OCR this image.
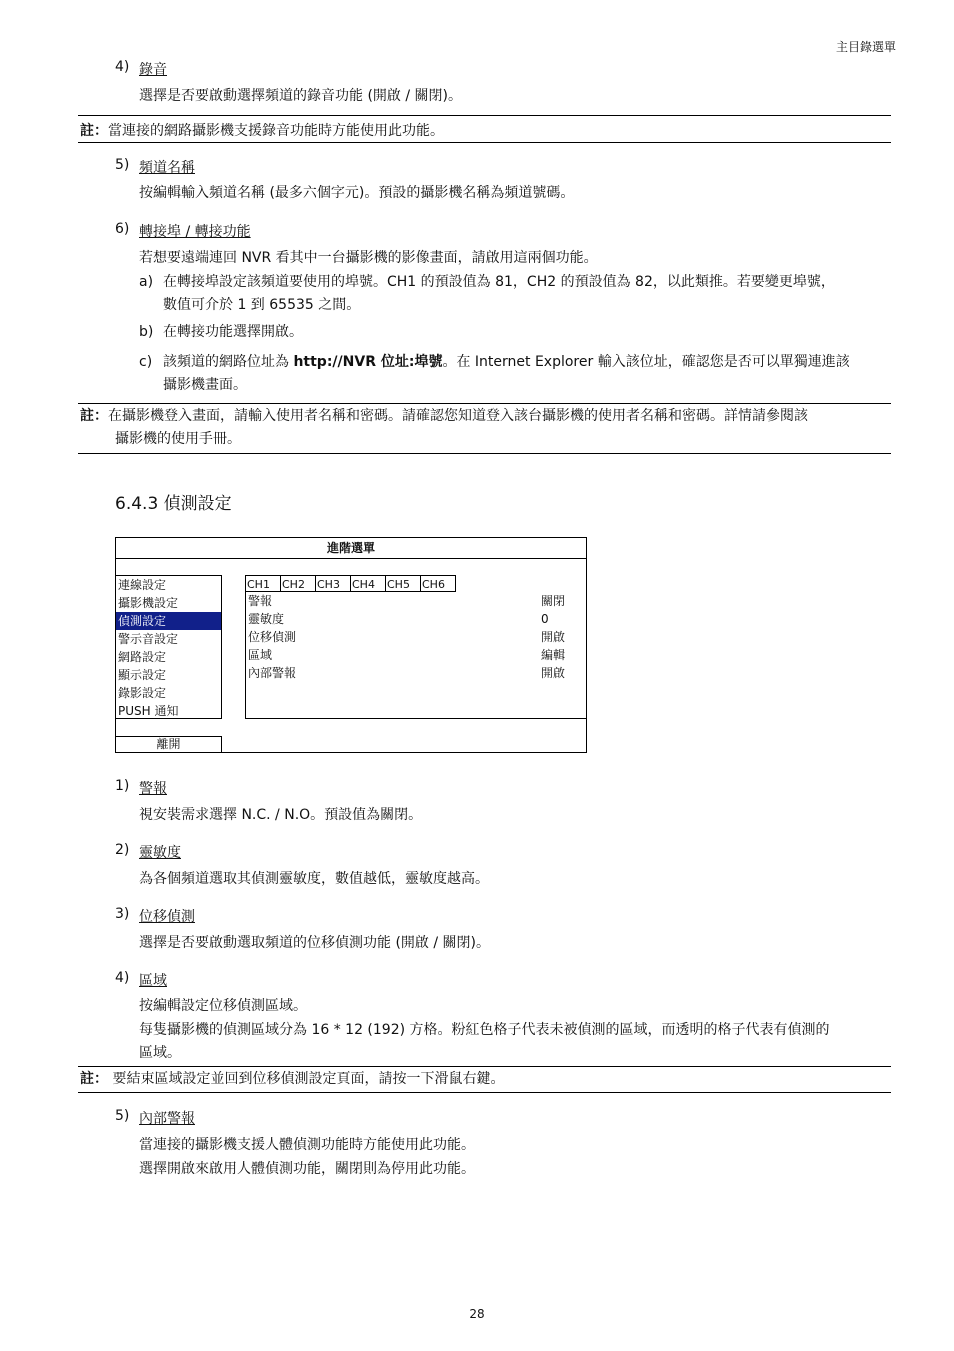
主目錄選單
4) 錄音
選擇是否要啟動選擇頻道的錄音功能 (開啟 / 關閉)。
註：當連接的網路攝影機支援錄音功能時方能使用此功能。
5) 頻道名稱
按編輯輸入頻道名稱 (最多六個字元)。預設的攝影機名稱為頻道號碼。
6) 轉接埠 / 轉接功能
若想要遠端連回 NVR 看其中一台攝影機的影像畫面，請啟用這兩個功能。
a) 在轉接埠設定該頻道要使用的埠號。CH1 的預設值為 81，CH2 的預設值為 82，以此類推。若要變更埠號，
數值可介於 1 到 65535 之間。
b) 在轉接功能選擇開啟。
c) 該頻道的網路位址為 http://NVR 位址:埠號。在 Internet Explorer 輸入該位址，確認您是否可以單獨連進該
攝影機畫面。
註：在攝影機登入畫面，請輸入使用者名稱和密碼。請確認您知道登入該台攝影機的使用者名稱和密碼。詳情請參閱該
攝影機的使用手冊。
6.4.3 偵測設定
進階選單
連線設定
攝影機設定
偵測設定
警示音設定
網路設定
顯示設定
錄影設定
PUSH 通知
CH1	CH2	CH3	CH4	CH5	CH6
警報	關閉
靈敏度	0
位移偵測	開啟
區域	編輯
內部警報	開啟
離開
1) 警報
視安裝需求選擇 N.C. / N.O。預設值為關閉。
2) 靈敏度
為各個頻道選取其偵測靈敏度，數值越低，靈敏度越高。
3) 位移偵測
選擇是否要啟動選取頻道的位移偵測功能 (開啟 / 關閉)。
4) 區域
按編輯設定位移偵測區域。
每隻攝影機的偵測區域分為 16 * 12 (192) 方格。粉紅色格子代表未被偵測的區域，而透明的格子代表有偵測的
區域。
註： 要結束區域設定並回到位移偵測設定頁面，請按一下滑鼠右鍵。
5) 內部警報
當連接的攝影機支援人體偵測功能時方能使用此功能。
選擇開啟來啟用人體偵測功能，關閉則為停用此功能。
28
